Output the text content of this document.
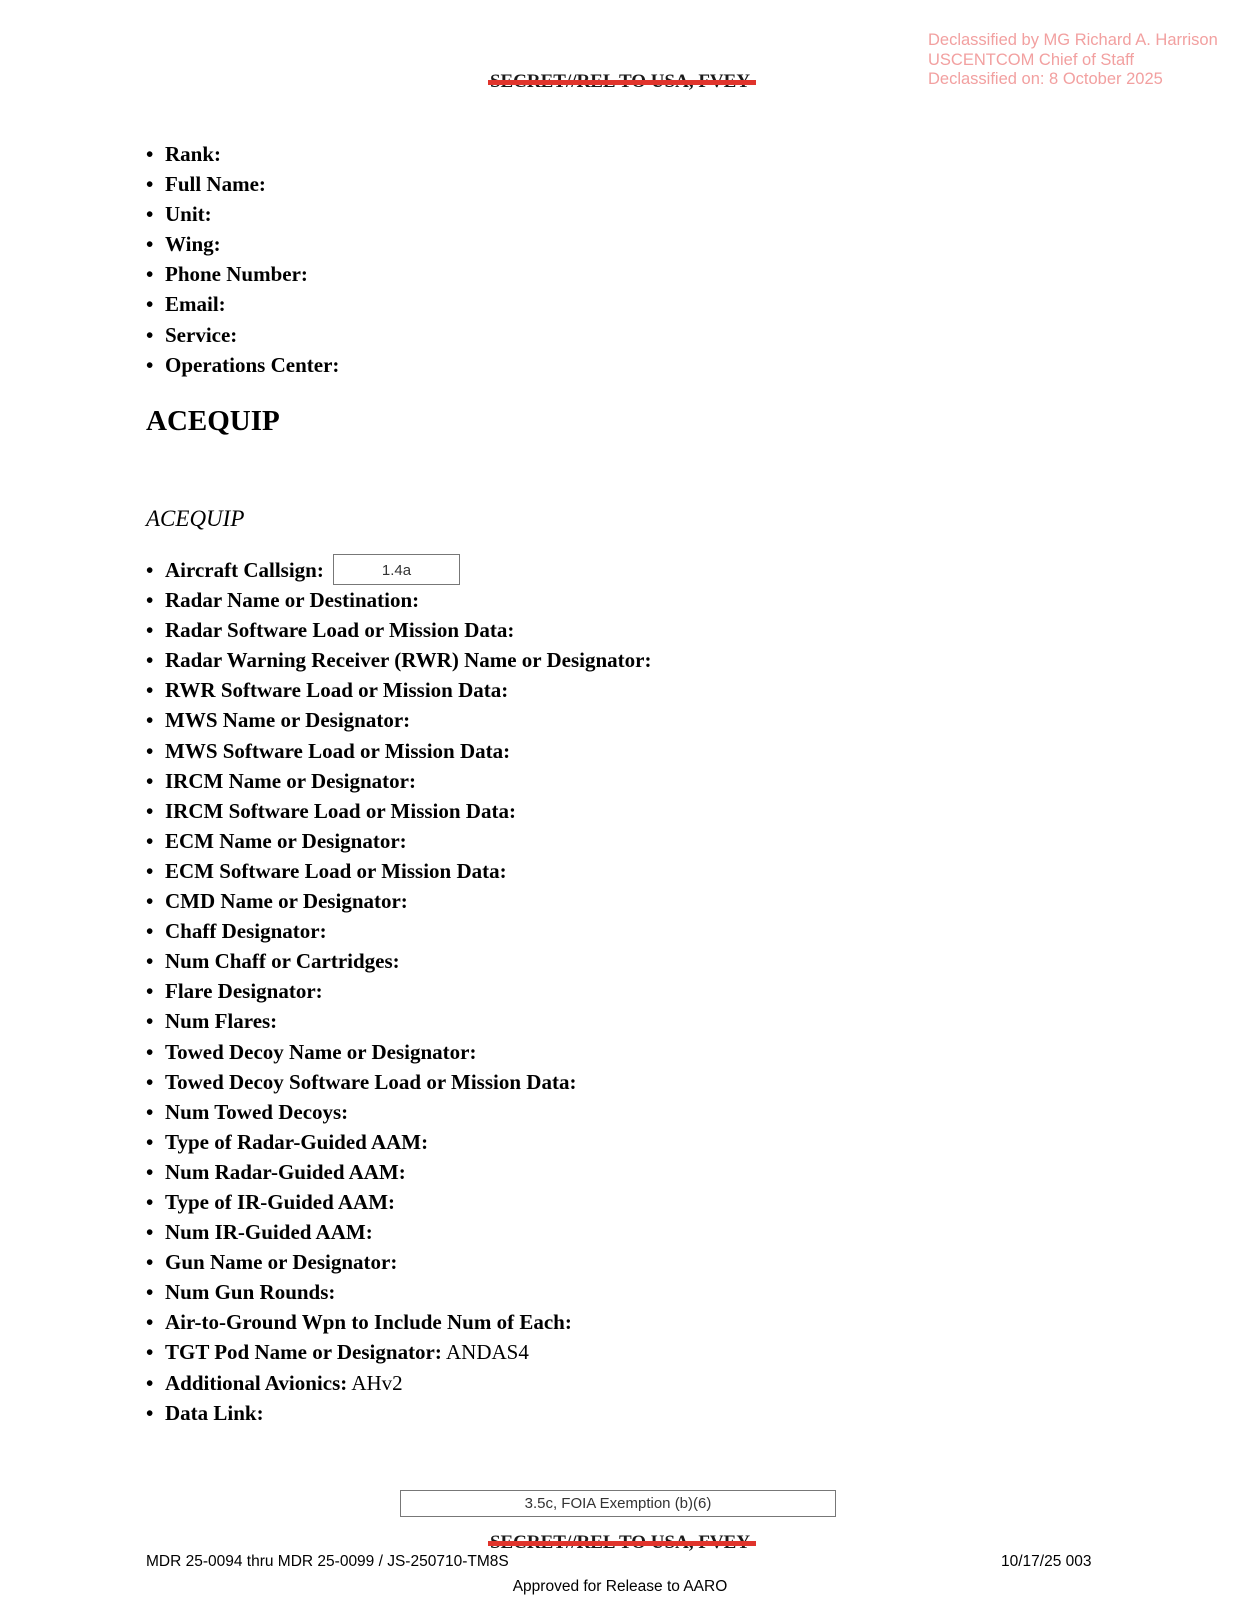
Declassified by MG Richard A. Harrison
USCENTCOM Chief of Staff
Declassified on: 8 October 2025
• Rank:
• Full Name:
• Unit:
• Wing:
• Phone Number:
• Email:
• Service:
• Operations Center:
ACEQUIP
ACEQUIP
• Aircraft Callsign:	1.4a
• Radar Name or Destination:
• Radar Software Load or Mission Data:
• Radar Warning Receiver (RWR) Name or Designator:
• RWR Software Load or Mission Data:
• MWS Name or Designator:
• MWS Software Load or Mission Data:
• IRCM Name or Designator:
• IRCM Software Load or Mission Data:
• ECM Name or Designator:
• ECM Software Load or Mission Data:
• CMD Name or Designator:
• Chaff Designator:
• Num Chaff or Cartridges:
• Flare Designator:
• Num Flares:
• Towed Decoy Name or Designator:
• Towed Decoy Software Load or Mission Data:
• Num Towed Decoys:
• Type of Radar-Guided AAM:
• Num Radar-Guided AAM:
• Type of IR-Guided AAM:
• Num IR-Guided AAM:
• Gun Name or Designator:
• Num Gun Rounds:
• Air-to-Ground Wpn to Include Num of Each:
• TGT Pod Name or Designator: ANDAS4
• Additional Avionics: AHv2
• Data Link:
3.5c, FOIA Exemption (b)(6)
MDR 25-0094 thru MDR 25-0099 / JS-250710-TM8S	10/17/25 003
Approved for Release to AARO
